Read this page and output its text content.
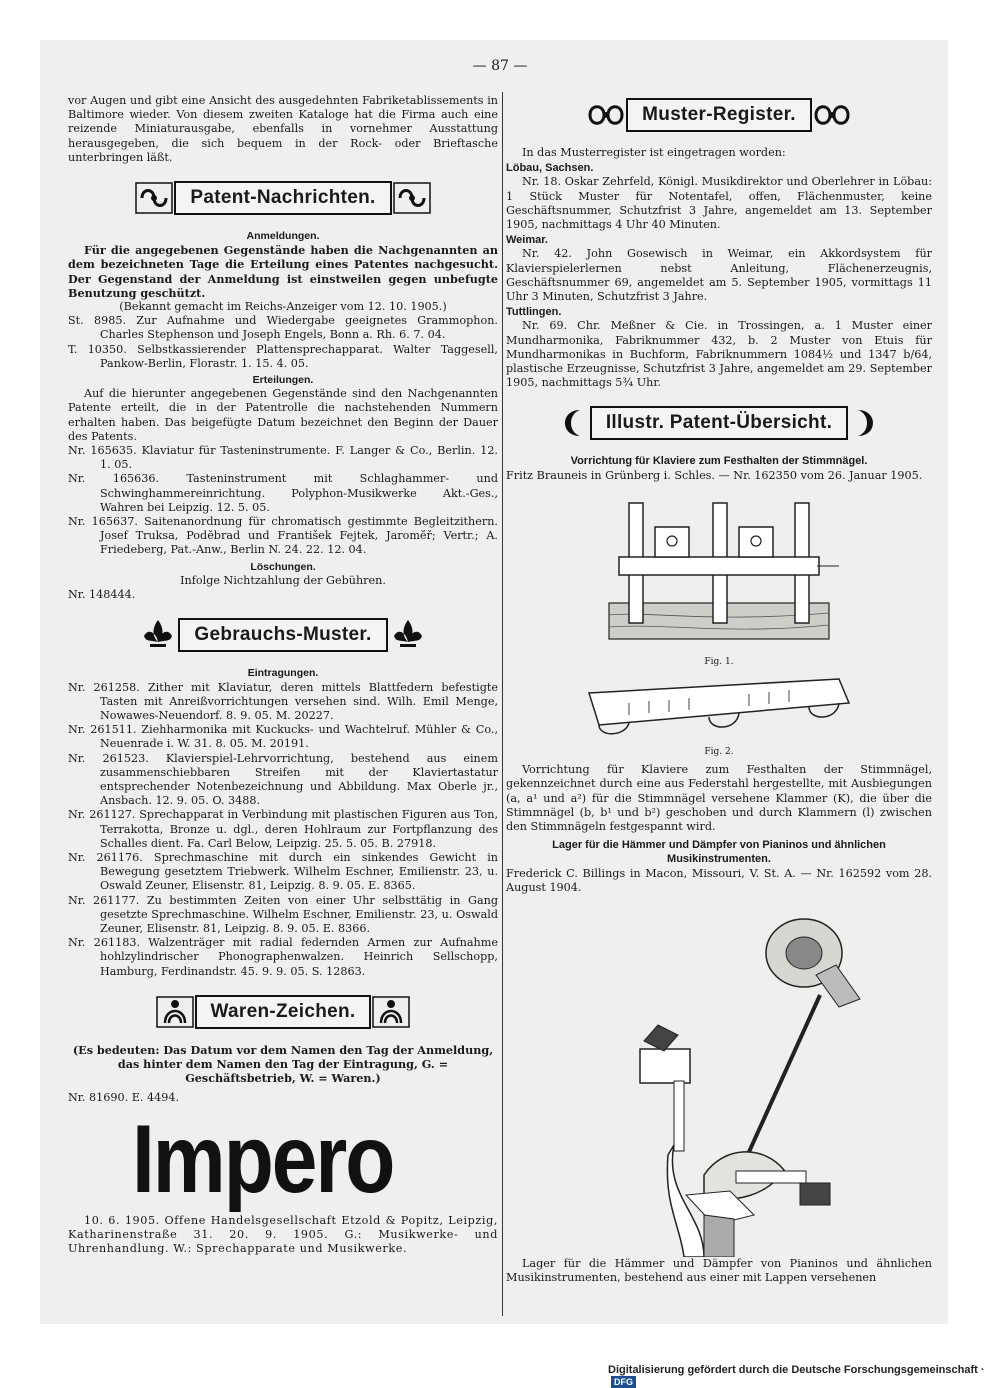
— 87 —

vor Augen und gibt eine Ansicht des ausgedehnten Fabriketablissements in Baltimore wieder. Von diesem zweiten Kataloge hat die Firma auch eine reizende Miniaturausgabe, ebenfalls in vornehmer Ausstattung herausgegeben, die sich bequem in der Rock- oder Brieftasche unterbringen läßt.

Patent-Nachrichten.
Anmeldungen.

Für die angegebenen Gegenstände haben die Nachgenannten an dem bezeichneten Tage die Erteilung eines Patentes nachgesucht. Der Gegenstand der Anmeldung ist einstweilen gegen unbefugte Benutzung geschützt.

(Bekannt gemacht im Reichs-Anzeiger vom 12. 10. 1905.)

St. 8985. Zur Aufnahme und Wiedergabe geeignetes Grammophon. Charles Stephenson und Joseph Engels, Bonn a. Rh. 6. 7. 04.

T. 10350. Selbstkassierender Plattensprechapparat. Walter Taggesell, Pankow-Berlin, Florastr. 1. 15. 4. 05.

Erteilungen.

Auf die hierunter angegebenen Gegenstände sind den Nachgenannten Patente erteilt, die in der Patentrolle die nachstehenden Nummern erhalten haben. Das beigefügte Datum bezeichnet den Beginn der Dauer des Patents.

Nr. 165635. Klaviatur für Tasteninstrumente. F. Langer & Co., Berlin. 12. 1. 05.

Nr. 165636. Tasteninstrument mit Schlaghammer- und Schwinghammereinrichtung. Polyphon-Musikwerke Akt.-Ges., Wahren bei Leipzig. 12. 5. 05.

Nr. 165637. Saitenanordnung für chromatisch gestimmte Begleitzithern. Josef Truksa, Podĕbrad und František Fejtek, Jaromĕř; Vertr.; A. Friedeberg, Pat.-Anw., Berlin N. 24. 22. 12. 04.

Löschungen.

Infolge Nichtzahlung der Gebühren.

Nr. 148444.

Gebrauchs-Muster.
Eintragungen.

Nr. 261258. Zither mit Klaviatur, deren mittels Blattfedern befestigte Tasten mit Anreißvorrichtungen versehen sind. Wilh. Emil Menge, Nowawes-Neuendorf. 8. 9. 05. M. 20227.

Nr. 261511. Ziehharmonika mit Kuckucks- und Wachtelruf. Mühler & Co., Neuenrade i. W. 31. 8. 05. M. 20191.

Nr. 261523. Klavierspiel-Lehrvorrichtung, bestehend aus einem zusammenschiebbaren Streifen mit der Klaviertastatur entsprechender Notenbezeichnung und Abbildung. Max Oberle jr., Ansbach. 12. 9. 05. O. 3488.

Nr. 261127. Sprechapparat in Verbindung mit plastischen Figuren aus Ton, Terrakotta, Bronze u. dgl., deren Hohlraum zur Fortpflanzung des Schalles dient. Fa. Carl Below, Leipzig. 25. 5. 05. B. 27918.

Nr. 261176. Sprechmaschine mit durch ein sinkendes Gewicht in Bewegung gesetztem Triebwerk. Wilhelm Eschner, Emilienstr. 23, u. Oswald Zeuner, Elisenstr. 81, Leipzig. 8. 9. 05. E. 8365.

Nr. 261177. Zu bestimmten Zeiten von einer Uhr selbsttätig in Gang gesetzte Sprechmaschine. Wilhelm Eschner, Emilienstr. 23, u. Oswald Zeuner, Elisenstr. 81, Leipzig. 8. 9. 05. E. 8366.

Nr. 261183. Walzenträger mit radial federnden Armen zur Aufnahme hohlzylindrischer Phonographenwalzen. Heinrich Sellschopp, Hamburg, Ferdinandstr. 45. 9. 9. 05. S. 12863.

Waren-Zeichen.

(Es bedeuten: Das Datum vor dem Namen den Tag der Anmeldung, das hinter dem Namen den Tag der Eintragung, G. = Geschäftsbetrieb, W. = Waren.)

Nr. 81690. E. 4494.

Impero

10. 6. 1905. Offene Handelsgesellschaft Etzold & Popitz, Leipzig, Katharinenstraße 31. 20. 9. 1905. G.: Musikwerke- und Uhrenhandlung. W.: Sprechapparate und Musikwerke.

Muster-Register.

In das Musterregister ist eingetragen worden:

Löbau, Sachsen.

Nr. 18. Oskar Zehrfeld, Königl. Musikdirektor und Oberlehrer in Löbau: 1 Stück Muster für Notentafel, offen, Flächenmuster, keine Geschäftsnummer, Schutzfrist 3 Jahre, angemeldet am 13. September 1905, nachmittags 4 Uhr 40 Minuten.

Weimar.

Nr. 42. John Gosewisch in Weimar, ein Akkordsystem für Klavierspielerlernen nebst Anleitung, Flächenerzeugnis, Geschäftsnummer 69, angemeldet am 5. September 1905, vormittags 11 Uhr 3 Minuten, Schutzfrist 3 Jahre.

Tuttlingen.

Nr. 69. Chr. Meßner & Cie. in Trossingen, a. 1 Muster einer Mundharmonika, Fabriknummer 432, b. 2 Muster von Etuis für Mundharmonikas in Buchform, Fabriknummern 1084½ und 1347 b/64, plastische Erzeugnisse, Schutzfrist 3 Jahre, angemeldet am 29. September 1905, nachmittags 5¾ Uhr.

Illustr. Patent-Übersicht.

Vorrichtung für Klaviere zum Festhalten der Stimmnägel.

Fritz Brauneis in Grünberg i. Schles. — Nr. 162350 vom 26. Januar 1905.

Fig. 1.
Fig. 2.

Vorrichtung für Klaviere zum Festhalten der Stimmnägel, gekennzeichnet durch eine aus Federstahl hergestellte, mit Ausbiegungen (a, a¹ und a²) für die Stimmnägel versehene Klammer (K), die über die Stimmnägel (b, b¹ und b²) geschoben und durch Klammern (l) zwischen den Stimmnägeln festgespannt wird.

Lager für die Hämmer und Dämpfer von Pianinos und ähnlichen Musikinstrumenten.

Frederick C. Billings in Macon, Missouri, V. St. A. — Nr. 162592 vom 28. August 1904.

Lager für die Hämmer und Dämpfer von Pianinos und ähnlichen Musikinstrumenten, bestehend aus einer mit Lappen versehenen

Digitalisierung gefördert durch die Deutsche Forschungsgemeinschaft ·DFG
